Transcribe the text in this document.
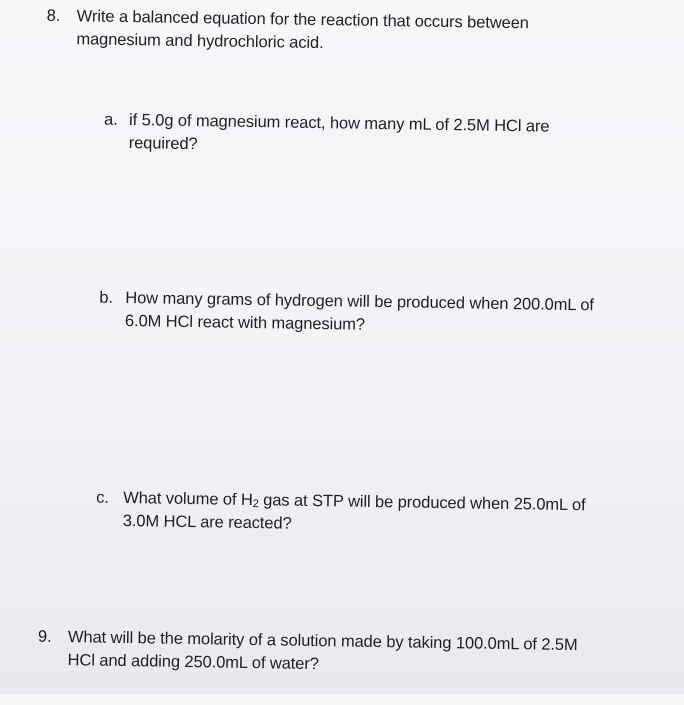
8. Write a balanced equation for the reaction that occurs between
magnesium and hydrochloric acid.
a. if 5.0g of magnesium react, how many mL of 2.5M HCl are
required?
b. How many grams of hydrogen will be produced when 200.0mL of
6.0M HCl react with magnesium?
c. What volume of $H_2$ gas at STP will be produced when 25.0mL of
3.0M HCL are reacted?
9. What will be the molarity of a solution made by taking 100.0mL of 2.5M
HCl and adding 250.0mL of water?
